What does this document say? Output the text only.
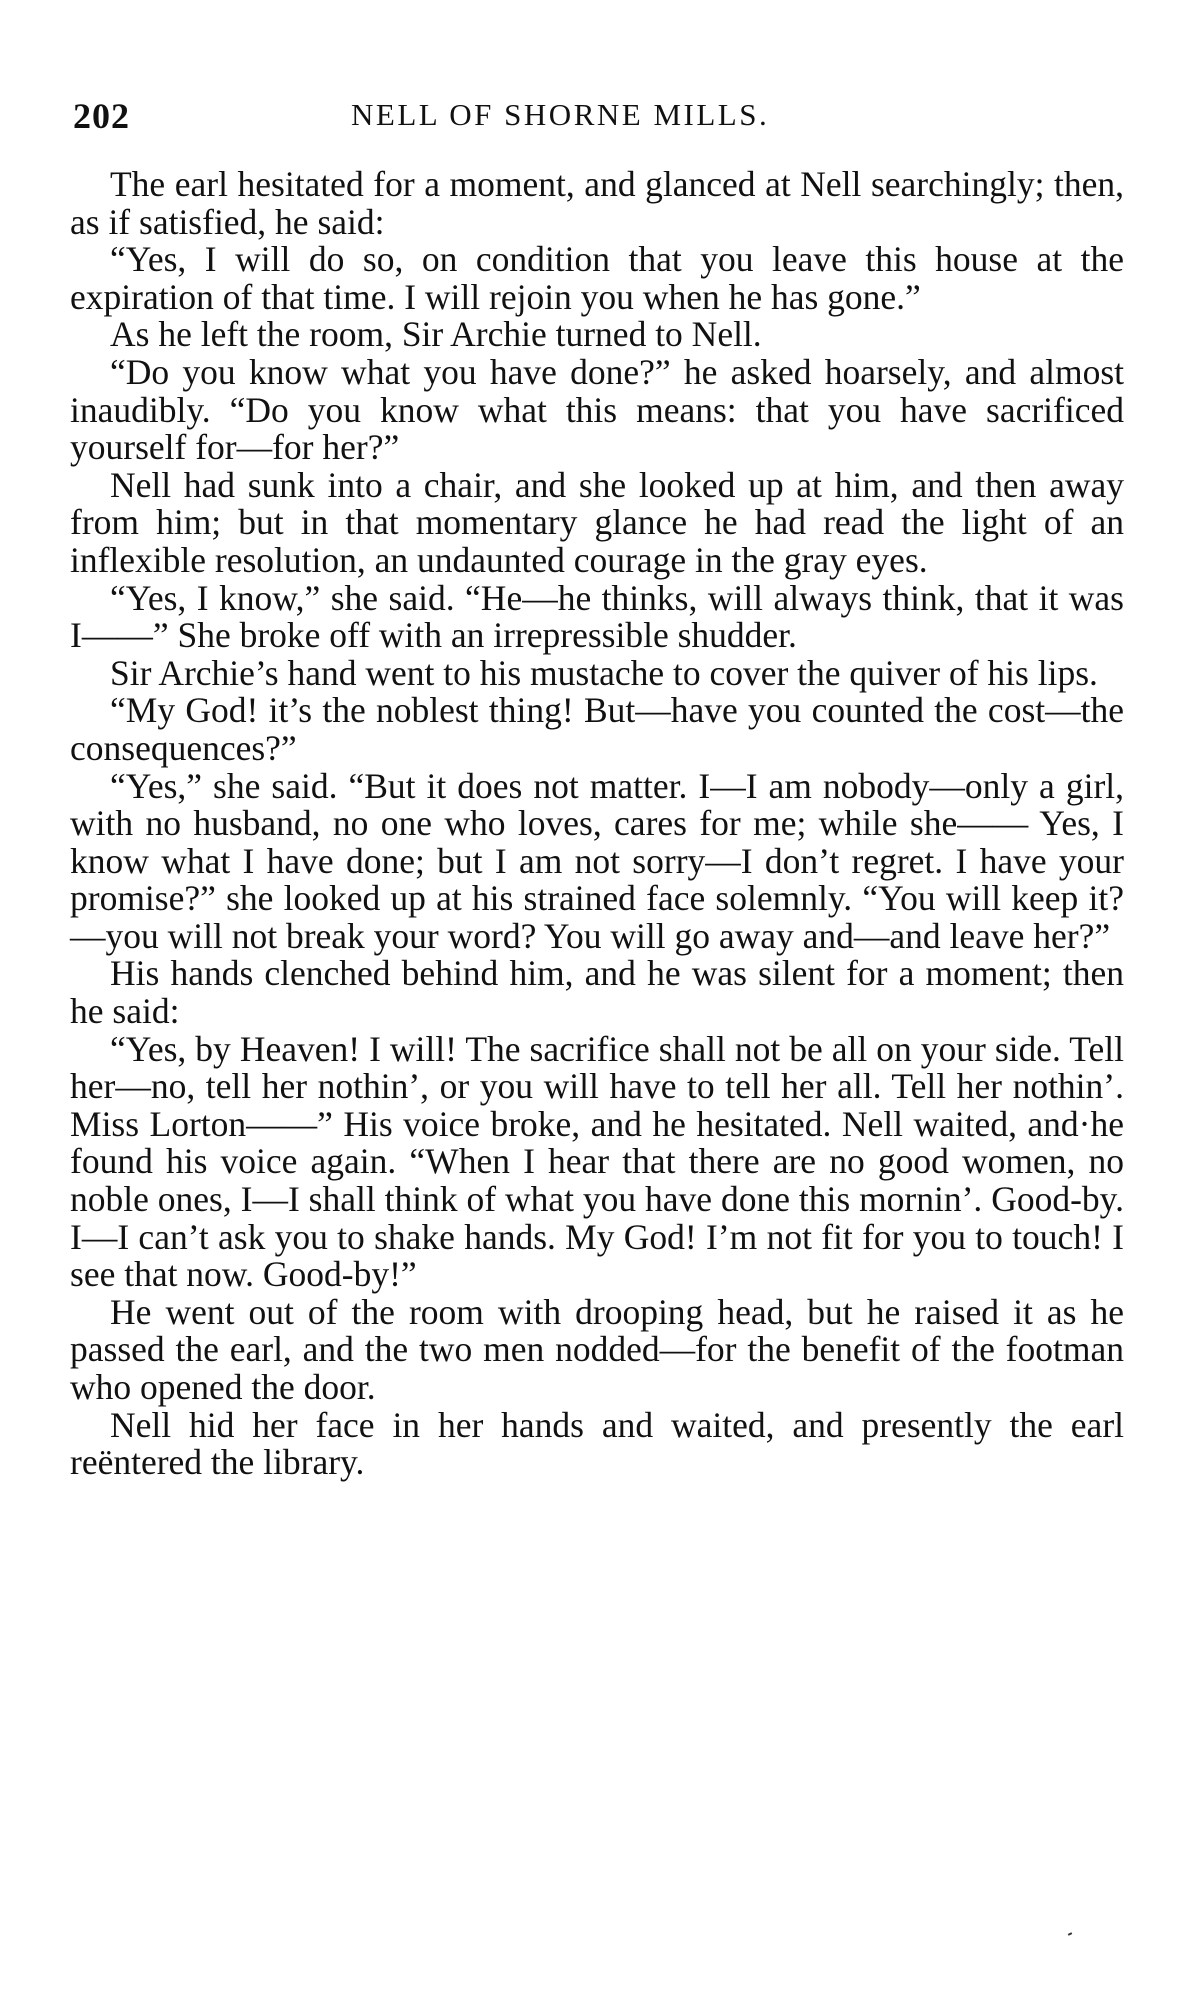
202	NELL OF SHORNE MILLS.

The earl hesitated for a moment, and glanced at Nell searchingly; then, as if satisfied, he said:

“Yes, I will do so, on condition that you leave this house at the expiration of that time. I will rejoin you when he has gone.”

As he left the room, Sir Archie turned to Nell.

“Do you know what you have done?” he asked hoarsely, and almost inaudibly. “Do you know what this means: that you have sacrificed yourself for—for her?”

Nell had sunk into a chair, and she looked up at him, and then away from him; but in that momentary glance he had read the light of an inflexible resolution, an undaunted courage in the gray eyes.

“Yes, I know,” she said. “He—he thinks, will always think, that it was I——” She broke off with an irrepressible shudder.

Sir Archie’s hand went to his mustache to cover the quiver of his lips.

“My God! it’s the noblest thing! But—have you counted the cost—the consequences?”

“Yes,” she said. “But it does not matter. I—I am nobody—only a girl, with no husband, no one who loves, cares for me; while she—— Yes, I know what I have done; but I am not sorry—I don’t regret. I have your promise?” she looked up at his strained face solemnly. “You will keep it?—you will not break your word? You will go away and—and leave her?”

His hands clenched behind him, and he was silent for a moment; then he said:

“Yes, by Heaven! I will! The sacrifice shall not be all on your side. Tell her—no, tell her nothin’, or you will have to tell her all. Tell her nothin’. Miss Lorton——” His voice broke, and he hesitated. Nell waited, and·he found his voice again. “When I hear that there are no good women, no noble ones, I—I shall think of what you have done this mornin’. Good-by. I—I can’t ask you to shake hands. My God! I’m not fit for you to touch! I see that now. Good-by!”

He went out of the room with drooping head, but he raised it as he passed the earl, and the two men nodded—for the benefit of the footman who opened the door.

Nell hid her face in her hands and waited, and presently the earl reëntered the library.
